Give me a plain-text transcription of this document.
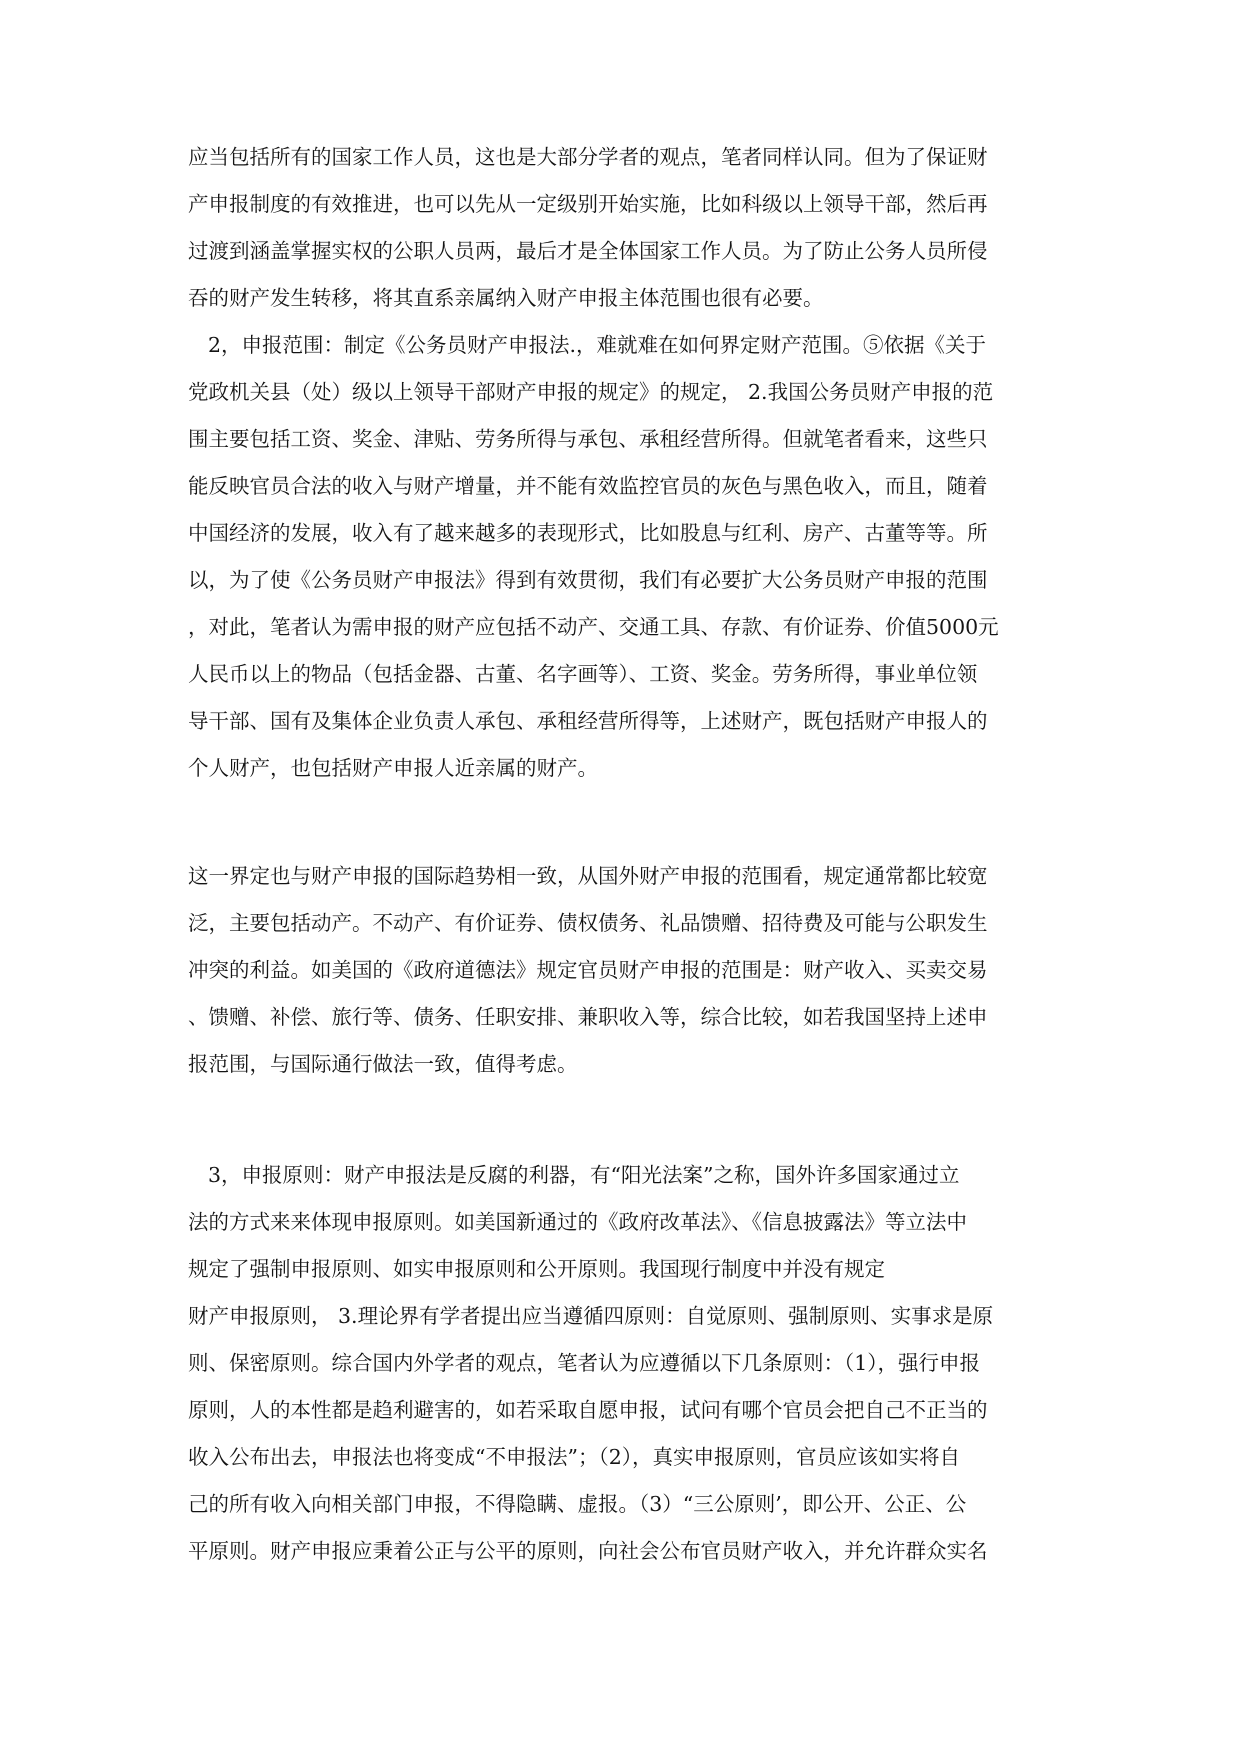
应当包括所有的国家工作人员，这也是大部分学者的观点，笔者同样认同。但为了保证财
产申报制度的有效推进，也可以先从一定级别开始实施，比如科级以上领导干部，然后再
过渡到涵盖掌握实权的公职人员两，最后才是全体国家工作人员。为了防止公务人员所侵
吞的财产发生转移，将其直系亲属纳入财产申报主体范围也很有必要。
2，申报范围：制定《公务员财产申报法.，难就难在如何界定财产范围。⑤依据《关于
党政机关县（处）级以上领导干部财产申报的规定》的规定， 2.我国公务员财产申报的范
围主要包括工资、奖金、津贴、劳务所得与承包、承租经营所得。但就笔者看来，这些只
能反映官员合法的收入与财产增量，并不能有效监控官员的灰色与黑色收入，而且，随着
中国经济的发展，收入有了越来越多的表现形式，比如股息与红利、房产、古董等等。所
以，为了使《公务员财产申报法》得到有效贯彻，我们有必要扩大公务员财产申报的范围
，对此，笔者认为需申报的财产应包括不动产、交通工具、存款、有价证券、价值5000元
人民币以上的物品（包括金器、古董、名字画等）、工资、奖金。劳务所得，事业单位领
导干部、国有及集体企业负责人承包、承租经营所得等，上述财产，既包括财产申报人的
个人财产，也包括财产申报人近亲属的财产。
这一界定也与财产申报的国际趋势相一致，从国外财产申报的范围看，规定通常都比较宽
泛，主要包括动产。不动产、有价证券、债权债务、礼品馈赠、招待费及可能与公职发生
冲突的利益。如美国的《政府道德法》规定官员财产申报的范围是：财产收入、买卖交易
、馈赠、补偿、旅行等、债务、任职安排、兼职收入等，综合比较，如若我国坚持上述申
报范围，与国际通行做法一致，值得考虑。
3，申报原则：财产申报法是反腐的利器，有“阳光法案”之称，国外许多国家通过立
法的方式来来体现申报原则。如美国新通过的《政府改革法》、《信息披露法》等立法中
规定了强制申报原则、如实申报原则和公开原则。我国现行制度中并没有规定
财产申报原则， 3.理论界有学者提出应当遵循四原则：自觉原则、强制原则、实事求是原
则、保密原则。综合国内外学者的观点，笔者认为应遵循以下几条原则：（1），强行申报
原则，人的本性都是趋利避害的，如若采取自愿申报，试问有哪个官员会把自己不正当的
收入公布出去，申报法也将变成“不申报法”；（2），真实申报原则，官员应该如实将自
己的所有收入向相关部门申报，不得隐瞒、虚报。（3）“三公原则’，即公开、公正、公
平原则。财产申报应秉着公正与公平的原则，向社会公布官员财产收入，并允许群众实名
